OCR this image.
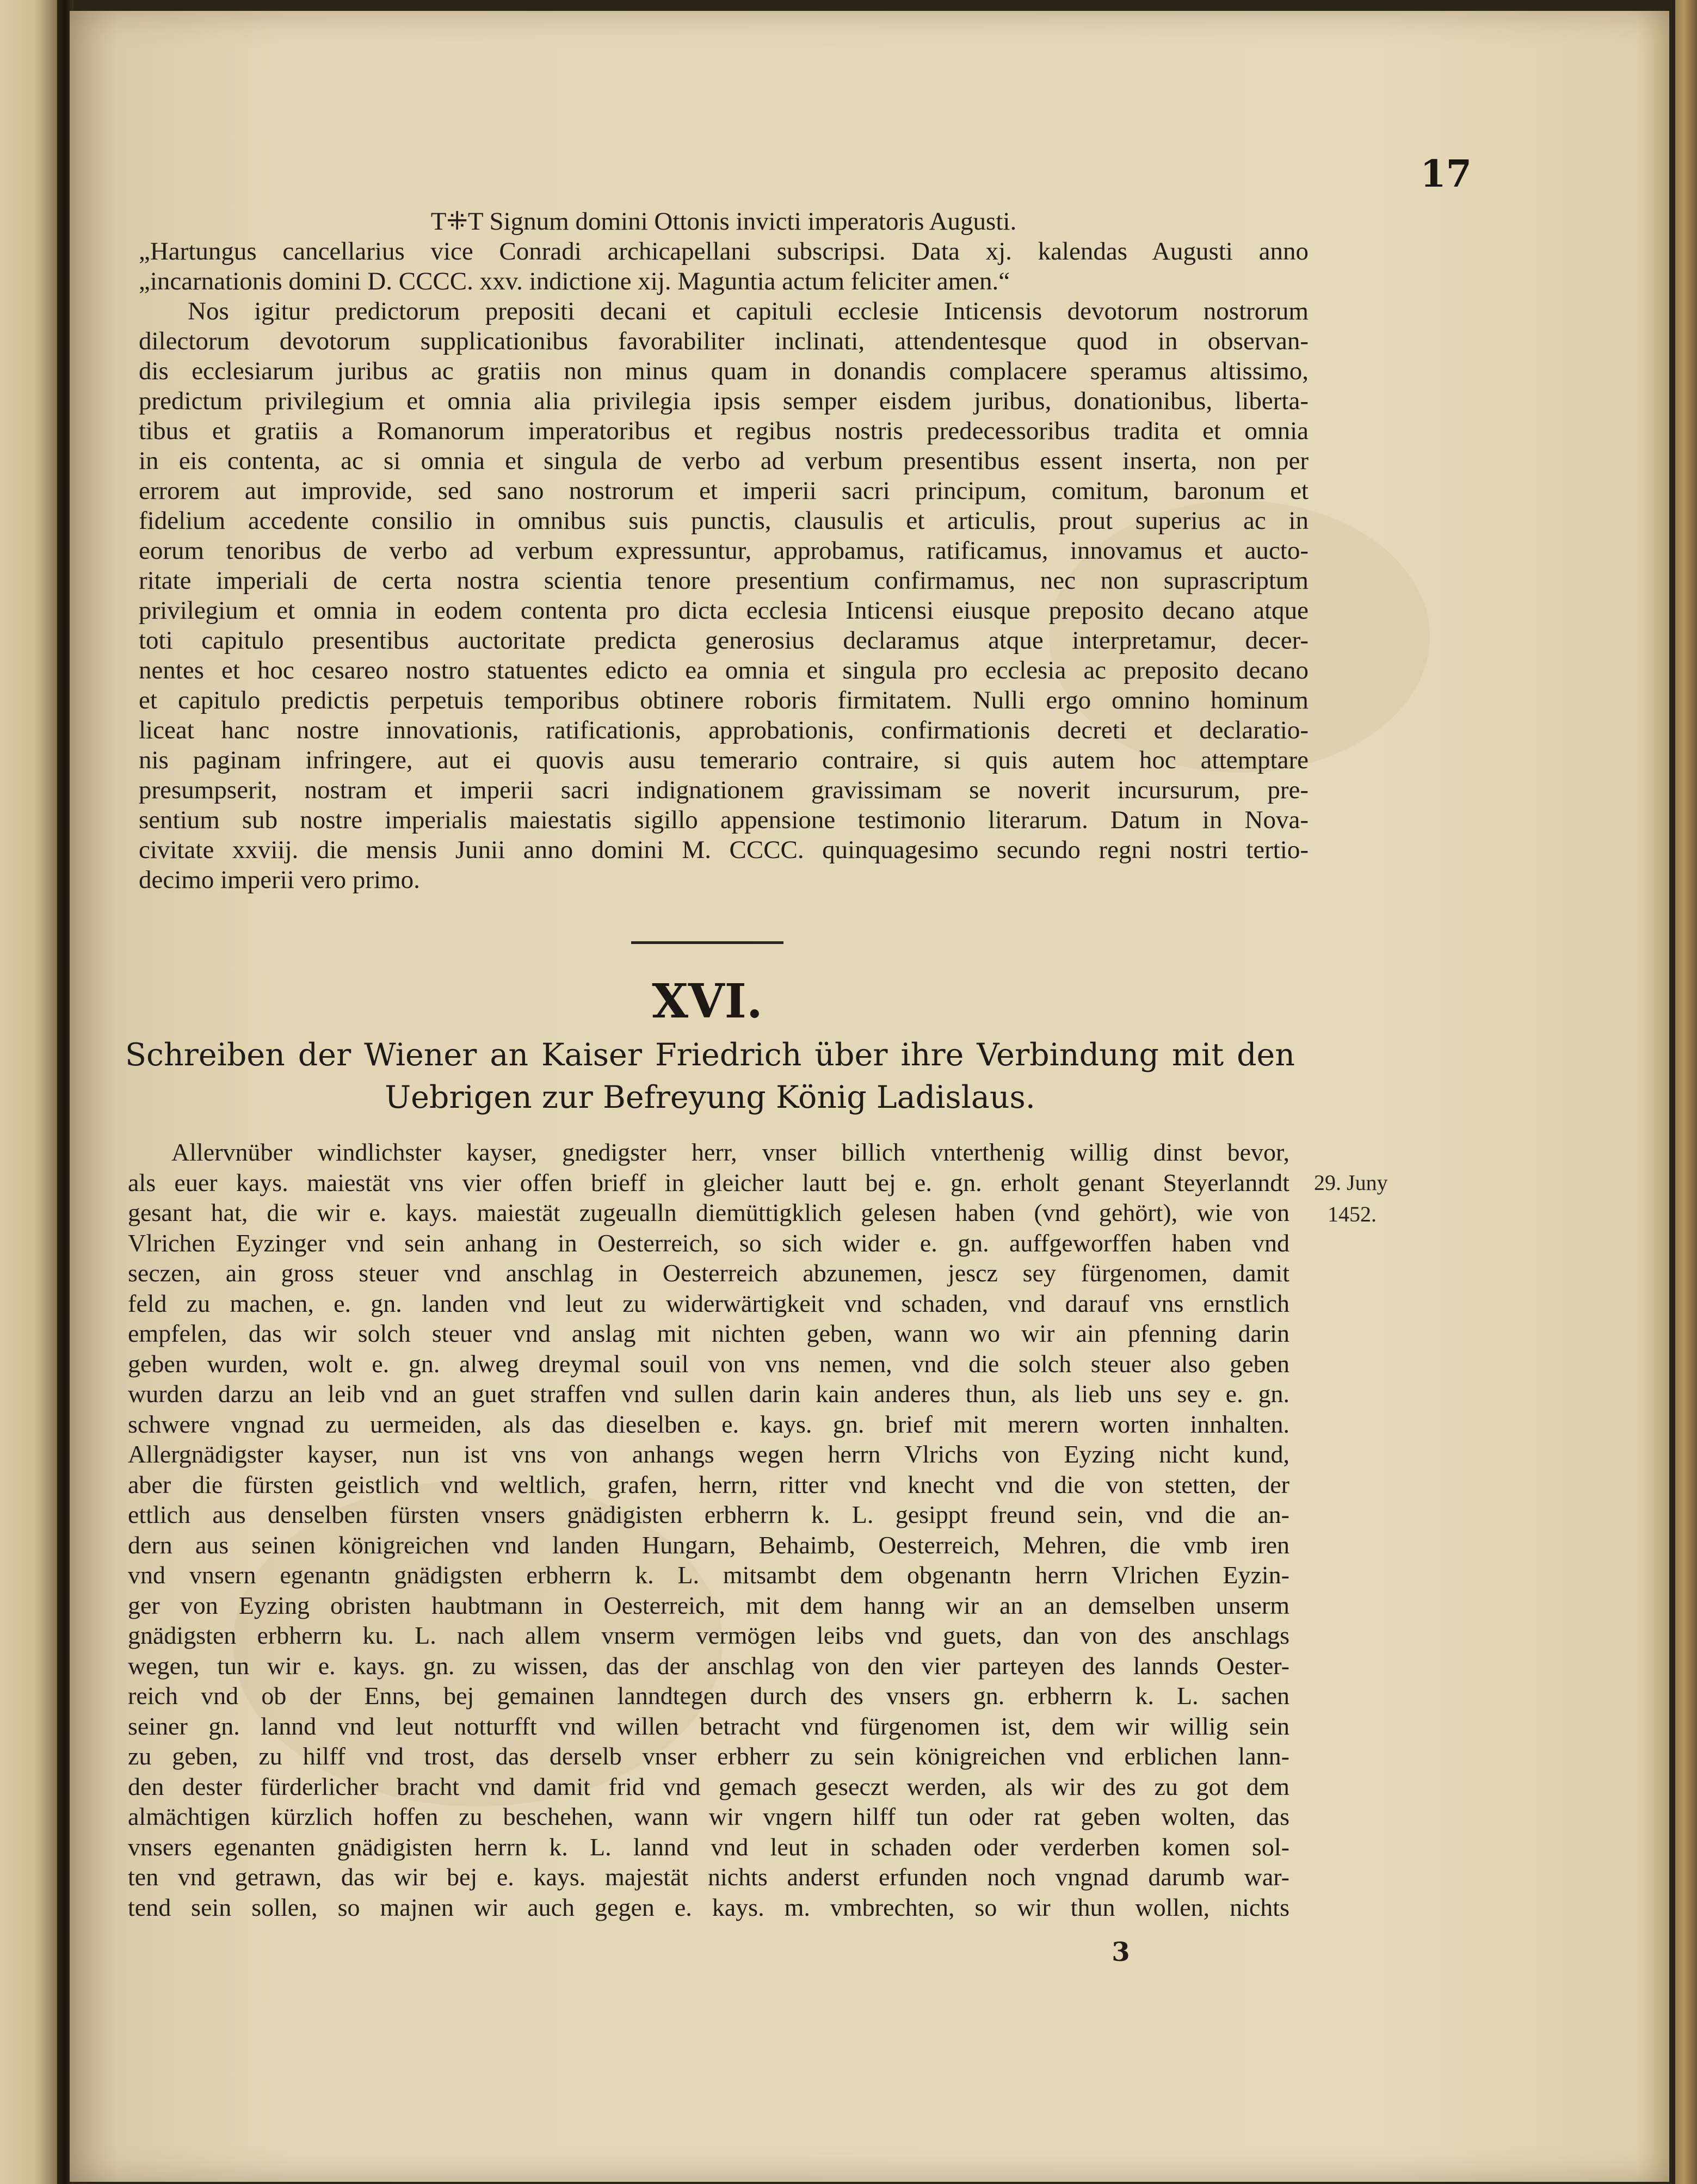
17
T⁜T Signum domini Ottonis invicti imperatoris Augusti.
„Hartungus cancellarius vice Conradi archicapellani subscripsi. Data xj. kalendas Augusti anno
„incarnationis domini D. CCCC. xxv. indictione xij. Maguntia actum feliciter amen.“
Nos igitur predictorum prepositi decani et capituli ecclesie Inticensis devotorum nostrorum
dilectorum devotorum supplicationibus favorabiliter inclinati, attendentesque quod in observan-
dis ecclesiarum juribus ac gratiis non minus quam in donandis complacere speramus altissimo,
predictum privilegium et omnia alia privilegia ipsis semper eisdem juribus, donationibus, liberta-
tibus et gratiis a Romanorum imperatoribus et regibus nostris predecessoribus tradita et omnia
in eis contenta, ac si omnia et singula de verbo ad verbum presentibus essent inserta, non per
errorem aut improvide, sed sano nostrorum et imperii sacri principum, comitum, baronum et
fidelium accedente consilio in omnibus suis punctis, clausulis et articulis, prout superius ac in
eorum tenoribus de verbo ad verbum expressuntur, approbamus, ratificamus, innovamus et aucto-
ritate imperiali de certa nostra scientia tenore presentium confirmamus, nec non suprascriptum
privilegium et omnia in eodem contenta pro dicta ecclesia Inticensi eiusque preposito decano atque
toti capitulo presentibus auctoritate predicta generosius declaramus atque interpretamur, decer-
nentes et hoc cesareo nostro statuentes edicto ea omnia et singula pro ecclesia ac preposito decano
et capitulo predictis perpetuis temporibus obtinere roboris firmitatem. Nulli ergo omnino hominum
liceat hanc nostre innovationis, ratificationis, approbationis, confirmationis decreti et declaratio-
nis paginam infringere, aut ei quovis ausu temerario contraire, si quis autem hoc attemptare
presumpserit, nostram et imperii sacri indignationem gravissimam se noverit incursurum, pre-
sentium sub nostre imperialis maiestatis sigillo appensione testimonio literarum. Datum in Nova-
civitate xxviij. die mensis Junii anno domini M. CCCC. quinquagesimo secundo regni nostri tertio-
decimo imperii vero primo.
XVI.
Schreiben der Wiener an Kaiser Friedrich über ihre Verbindung mit den
Uebrigen zur Befreyung König Ladislaus.
29. Juny
1452.
Allervnüber windlichster kayser, gnedigster herr, vnser billich vnterthenig willig dinst bevor,
als euer kays. maiestät vns vier offen brieff in gleicher lautt bej e. gn. erholt genant Steyerlanndt
gesant hat, die wir e. kays. maiestät zugeualln diemüttigklich gelesen haben (vnd gehört), wie von
Vlrichen Eyzinger vnd sein anhang in Oesterreich, so sich wider e. gn. auffgeworffen haben vnd
seczen, ain gross steuer vnd anschlag in Oesterreich abzunemen, jescz sey fürgenomen, damit
feld zu machen, e. gn. landen vnd leut zu widerwärtigkeit vnd schaden, vnd darauf vns ernstlich
empfelen, das wir solch steuer vnd anslag mit nichten geben, wann wo wir ain pfenning darin
geben wurden, wolt e. gn. alweg dreymal souil von vns nemen, vnd die solch steuer also geben
wurden darzu an leib vnd an guet straffen vnd sullen darin kain anderes thun, als lieb uns sey e. gn.
schwere vngnad zu uermeiden, als das dieselben e. kays. gn. brief mit merern worten innhalten.
Allergnädigster kayser, nun ist vns von anhangs wegen herrn Vlrichs von Eyzing nicht kund,
aber die fürsten geistlich vnd weltlich, grafen, herrn, ritter vnd knecht vnd die von stetten, der
ettlich aus denselben fürsten vnsers gnädigisten erbherrn k. L. gesippt freund sein, vnd die an-
dern aus seinen königreichen vnd landen Hungarn, Behaimb, Oesterreich, Mehren, die vmb iren
vnd vnsern egenantn gnädigsten erbherrn k. L. mitsambt dem obgenantn herrn Vlrichen Eyzin-
ger von Eyzing obristen haubtmann in Oesterreich, mit dem hanng wir an an demselben unserm
gnädigsten erbherrn ku. L. nach allem vnserm vermögen leibs vnd guets, dan von des anschlags
wegen, tun wir e. kays. gn. zu wissen, das der anschlag von den vier parteyen des lannds Oester-
reich vnd ob der Enns, bej gemainen lanndtegen durch des vnsers gn. erbherrn k. L. sachen
seiner gn. lannd vnd leut notturfft vnd willen betracht vnd fürgenomen ist, dem wir willig sein
zu geben, zu hilff vnd trost, das derselb vnser erbherr zu sein königreichen vnd erblichen lann-
den dester fürderlicher bracht vnd damit frid vnd gemach geseczt werden, als wir des zu got dem
almächtigen kürzlich hoffen zu beschehen, wann wir vngern hilff tun oder rat geben wolten, das
vnsers egenanten gnädigisten herrn k. L. lannd vnd leut in schaden oder verderben komen sol-
ten vnd getrawn, das wir bej e. kays. majestät nichts anderst erfunden noch vngnad darumb war-
tend sein sollen, so majnen wir auch gegen e. kays. m. vmbrechten, so wir thun wollen, nichts
3
